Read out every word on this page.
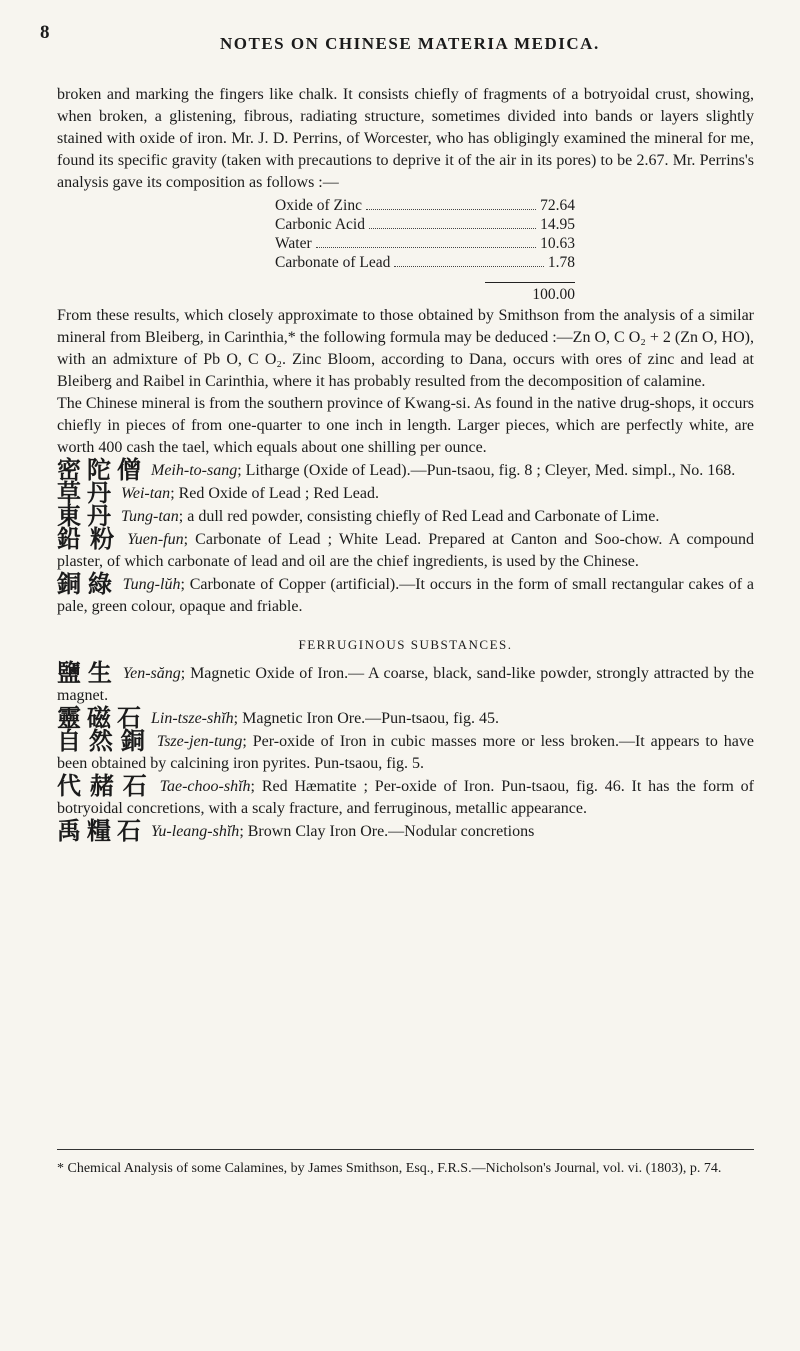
8
NOTES ON CHINESE MATERIA MEDICA.

broken and marking the fingers like chalk. It consists chiefly of fragments of a botryoidal crust, showing, when broken, a glistening, fibrous, radiating structure, sometimes divided into bands or layers slightly stained with oxide of iron. Mr. J. D. Perrins, of Worcester, who has obligingly examined the mineral for me, found its specific gravity (taken with precautions to deprive it of the air in its pores) to be 2.67. Mr. Perrins's analysis gave its composition as follows :—

Oxide of Zinc	72.64
Carbonic Acid	14.95
Water	10.63
Carbonate of Lead	1.78
100.00

From these results, which closely approximate to those obtained by Smithson from the analysis of a similar mineral from Bleiberg, in Carinthia,* the following formula may be deduced :—Zn O, C O₂ + 2 (Zn O, HO), with an admixture of Pb O, C O₂. Zinc Bloom, according to Dana, occurs with ores of zinc and lead at Bleiberg and Raibel in Carinthia, where it has probably resulted from the decomposition of calamine.

The Chinese mineral is from the southern province of Kwang-si. As found in the native drug-shops, it occurs chiefly in pieces of from one-quarter to one inch in length. Larger pieces, which are perfectly white, are worth 400 cash the tael, which equals about one shilling per ounce.

密陀僧 Meih-to-sang; Litharge (Oxide of Lead).—Pun-tsaou, fig. 8 ; Cleyer, Med. simpl., No. 168.

草丹 Wei-tan; Red Oxide of Lead ; Red Lead.

東丹 Tung-tan; a dull red powder, consisting chiefly of Red Lead and Carbonate of Lime.

鉛粉 Yuen-fun; Carbonate of Lead ; White Lead. Prepared at Canton and Soo-chow. A compound plaster, of which carbonate of lead and oil are the chief ingredients, is used by the Chinese.

銅綠 Tung-lŭh; Carbonate of Copper (artificial).—It occurs in the form of small rectangular cakes of a pale, green colour, opaque and friable.

FERRUGINOUS SUBSTANCES.

鹽生 Yen-săng; Magnetic Oxide of Iron.— A coarse, black, sand-like powder, strongly attracted by the magnet.

靈磁石 Lin-tsze-shĭh; Magnetic Iron Ore.—Pun-tsaou, fig. 45.

自然銅 Tsze-jen-tung; Per-oxide of Iron in cubic masses more or less broken.—It appears to have been obtained by calcining iron pyrites. Pun-tsaou, fig. 5.

代赭石 Tae-choo-shĭh; Red Hæmatite ; Per-oxide of Iron. Pun-tsaou, fig. 46. It has the form of botryoidal concretions, with a scaly fracture, and ferruginous, metallic appearance.

禹糧石 Yu-leang-shĭh; Brown Clay Iron Ore.—Nodular concretions

* Chemical Analysis of some Calamines, by James Smithson, Esq., F.R.S.—Nicholson's Journal, vol. vi. (1803), p. 74.
